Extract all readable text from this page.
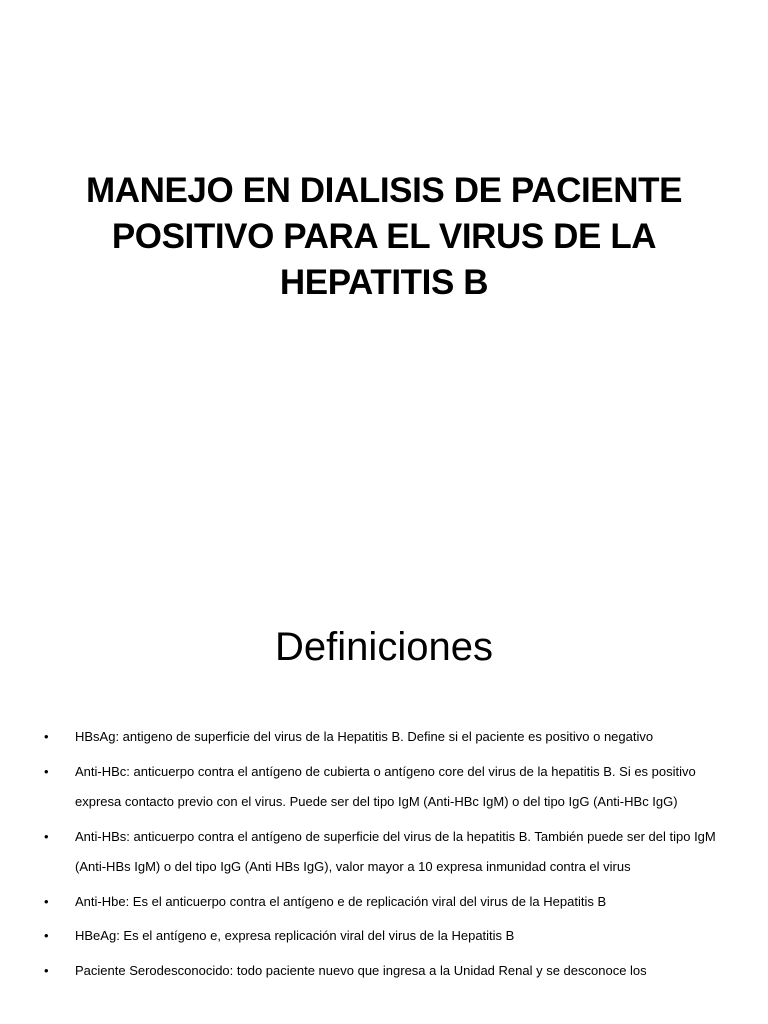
MANEJO EN DIALISIS DE PACIENTE
POSITIVO PARA EL VIRUS DE LA
HEPATITIS B
Definiciones
• HBsAg: antigeno de superficie del virus de la Hepatitis B. Define si el paciente es positivo o negativo
• Anti-HBc: anticuerpo contra el antígeno de cubierta o antígeno core del virus de la hepatitis B. Si es positivo expresa contacto previo con el virus. Puede ser del tipo IgM (Anti-HBc IgM) o del tipo IgG (Anti-HBc IgG)
• Anti-HBs: anticuerpo contra el antígeno de superficie del virus de la hepatitis B. También puede ser del tipo IgM (Anti-HBs IgM) o del tipo IgG (Anti HBs IgG), valor mayor a 10 expresa inmunidad contra el virus
• Anti-Hbe: Es el anticuerpo contra el antígeno e de replicación viral del virus de la Hepatitis B
• HBeAg: Es el antígeno e, expresa replicación viral del virus de la Hepatitis B
• Paciente Serodesconocido: todo paciente nuevo que ingresa a la Unidad Renal y se desconoce los
